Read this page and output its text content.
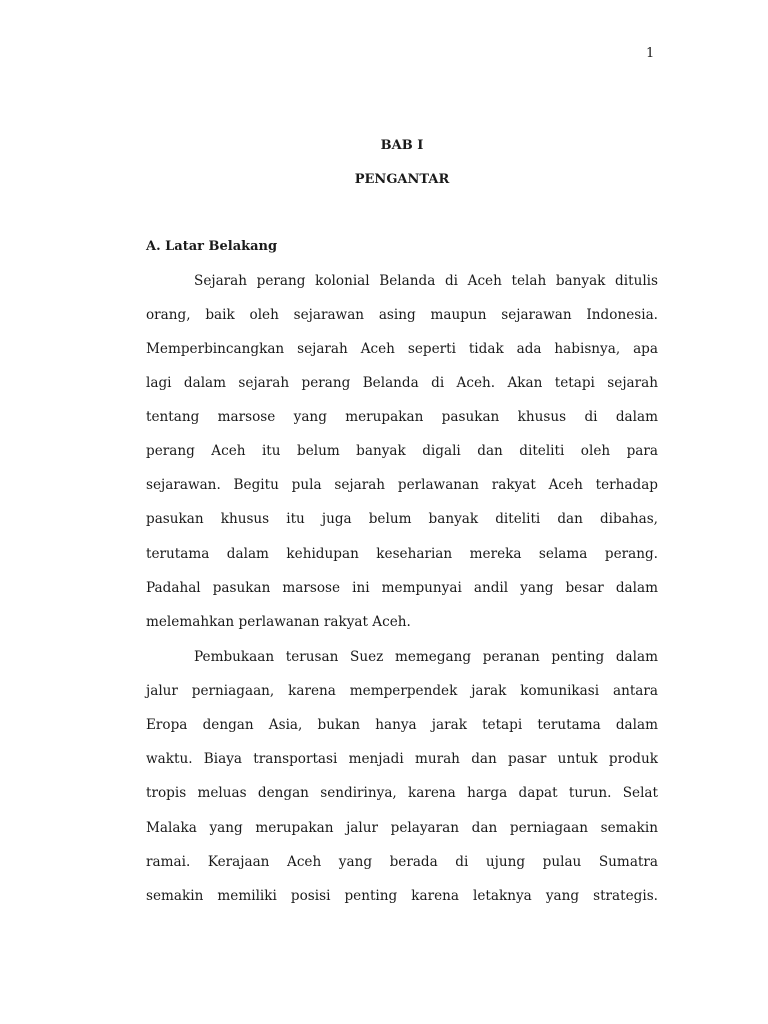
1
BAB I
PENGANTAR
A. Latar Belakang
Sejarah perang kolonial Belanda di Aceh telah banyak ditulis
orang, baik oleh sejarawan asing maupun sejarawan Indonesia.
Memperbincangkan sejarah Aceh seperti tidak ada habisnya, apa
lagi dalam sejarah perang Belanda di Aceh. Akan tetapi sejarah
tentang marsose yang merupakan pasukan khusus di dalam
perang Aceh itu belum banyak digali dan diteliti oleh para
sejarawan. Begitu pula sejarah perlawanan rakyat Aceh terhadap
pasukan khusus itu juga belum banyak diteliti dan dibahas,
terutama dalam kehidupan keseharian mereka selama perang.
Padahal pasukan marsose ini mempunyai andil yang besar dalam
melemahkan perlawanan rakyat Aceh.
Pembukaan terusan Suez memegang peranan penting dalam
jalur perniagaan, karena memperpendek jarak komunikasi antara
Eropa dengan Asia, bukan hanya jarak tetapi terutama dalam
waktu. Biaya transportasi menjadi murah dan pasar untuk produk
tropis meluas dengan sendirinya, karena harga dapat turun. Selat
Malaka yang merupakan jalur pelayaran dan perniagaan semakin
ramai. Kerajaan Aceh yang berada di ujung pulau Sumatra
semakin memiliki posisi penting karena letaknya yang strategis.
